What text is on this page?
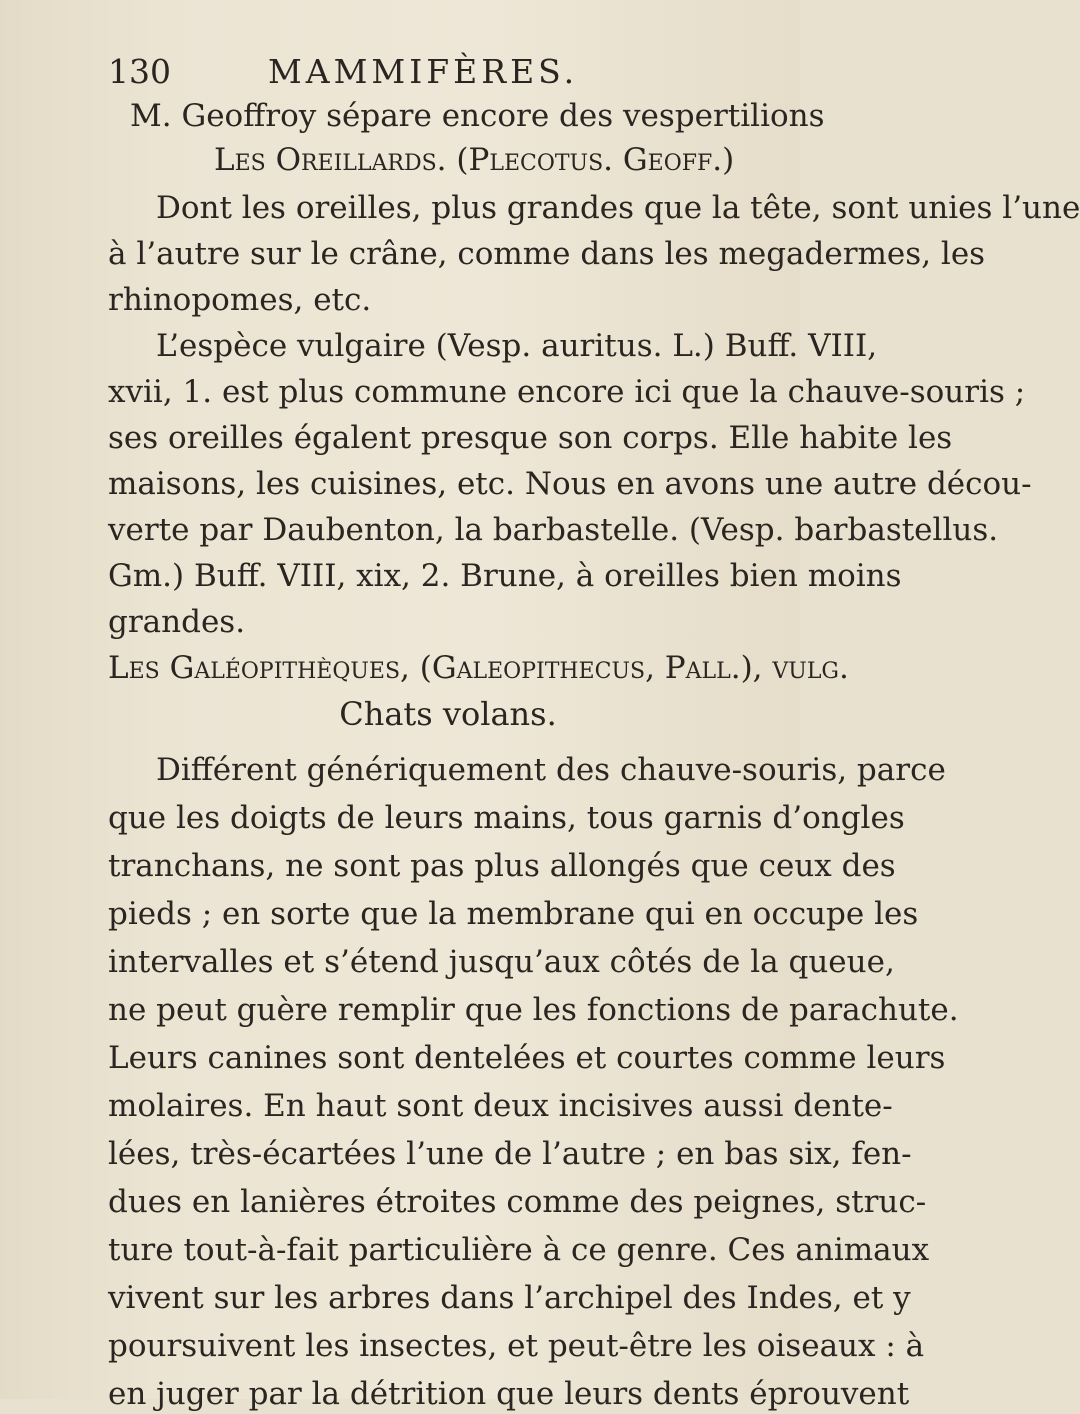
130	MAMMIFÈRES.
M. Geoffroy sépare encore des vespertilions
Les Oreillards. (Plecotus. Geoff.)
Dont les oreilles, plus grandes que la tête, sont unies l’une
à l’autre sur le crâne, comme dans les megadermes, les
rhinopomes, etc.
L’espèce vulgaire (Vesp. auritus. L.) Buff. VIII,
xvii, 1. est plus commune encore ici que la chauve-souris ;
ses oreilles égalent presque son corps. Elle habite les
maisons, les cuisines, etc. Nous en avons une autre décou-
verte par Daubenton, la barbastelle. (Vesp. barbastellus.
Gm.) Buff. VIII, xix, 2. Brune, à oreilles bien moins
grandes.
Les Galéopithèques, (Galeopithecus, Pall.), vulg.
Chats volans.
Différent génériquement des chauve-souris, parce
que les doigts de leurs mains, tous garnis d’ongles
tranchans, ne sont pas plus allongés que ceux des
pieds ; en sorte que la membrane qui en occupe les
intervalles et s’étend jusqu’aux côtés de la queue,
ne peut guère remplir que les fonctions de parachute.
Leurs canines sont dentelées et courtes comme leurs
molaires. En haut sont deux incisives aussi dente-
lées, très-écartées l’une de l’autre ; en bas six, fen-
dues en lanières étroites comme des peignes, struc-
ture tout-à-fait particulière à ce genre. Ces animaux
vivent sur les arbres dans l’archipel des Indes, et y
poursuivent les insectes, et peut-être les oiseaux : à
en juger par la détrition que leurs dents éprouvent
